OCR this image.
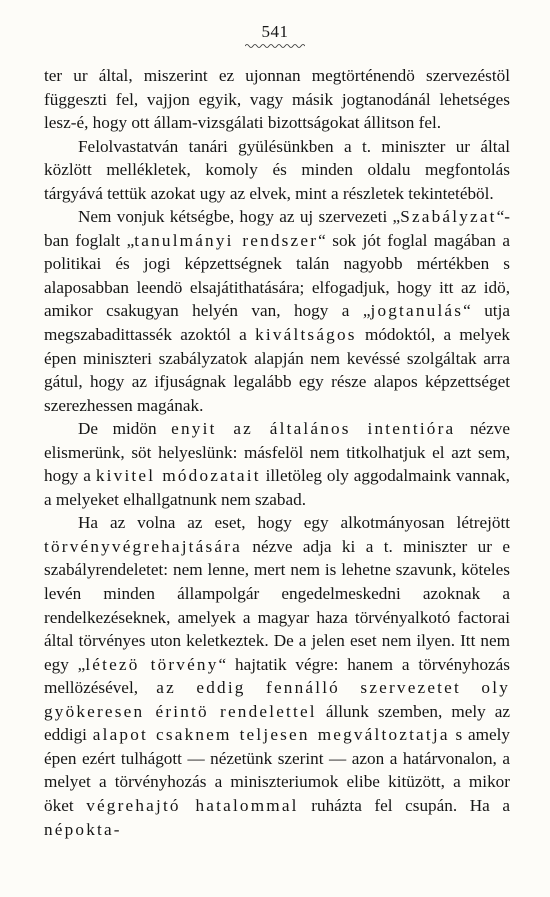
541

ter ur által, miszerint ez ujonnan megtörténendö szervezéstöl függeszti fel, vajjon egyik, vagy másik jogtanodánál lehetséges lesz-é, hogy ott állam-vizsgálati bizottságokat állitson fel.

Felolvastatván tanári gyülésünkben a t. miniszter ur által közlött mellékletek, komoly és minden oldalu megfontolás tárgyává tettük azokat ugy az elvek, mint a részletek tekintetéböl.

Nem vonjuk kétségbe, hogy az uj szervezeti „Szabályzat“-ban foglalt „tanulmányi rendszer“ sok jót foglal magában a politikai és jogi képzettségnek talán nagyobb mértékben s alaposabban leendö elsajátithatására; elfogadjuk, hogy itt az idö, amikor csakugyan helyén van, hogy a „jogtanulás“ utja megszabadittassék azoktól a kiváltságos módoktól, a melyek épen miniszteri szabályzatok alapján nem kevéssé szolgáltak arra gátul, hogy az ifjuságnak legalább egy része alapos képzettséget szerezhessen magának.

De midön enyit az általános intentióra nézve elismerünk, söt helyeslünk: másfelöl nem titkolhatjuk el azt sem, hogy a kivitel módozatait illetöleg oly aggodalmaink vannak, a melyeket elhallgatnunk nem szabad.

Ha az volna az eset, hogy egy alkotmányosan létrejött törvényvégrehajtására nézve adja ki a t. miniszter ur e szabályrendeletet: nem lenne, mert nem is lehetne szavunk, köteles levén minden állampolgár engedelmeskedni azoknak a rendelkezéseknek, amelyek a magyar haza törvényalkotó factorai által törvényes uton keletkeztek. De a jelen eset nem ilyen. Itt nem egy „létezö törvény“ hajtatik végre: hanem a törvényhozás mellözésével, az eddig fennálló szervezetet oly gyökeresen érintö rendelettel állunk szemben, mely az eddigi alapot csaknem teljesen megváltoztatja s amely épen ezért tulhágott — nézetünk szerint — azon a határvonalon, a melyet a törvényhozás a miniszteriumok elibe kitüzött, a mikor öket végrehajtó hatalommal ruházta fel csupán. Ha a népokta-
